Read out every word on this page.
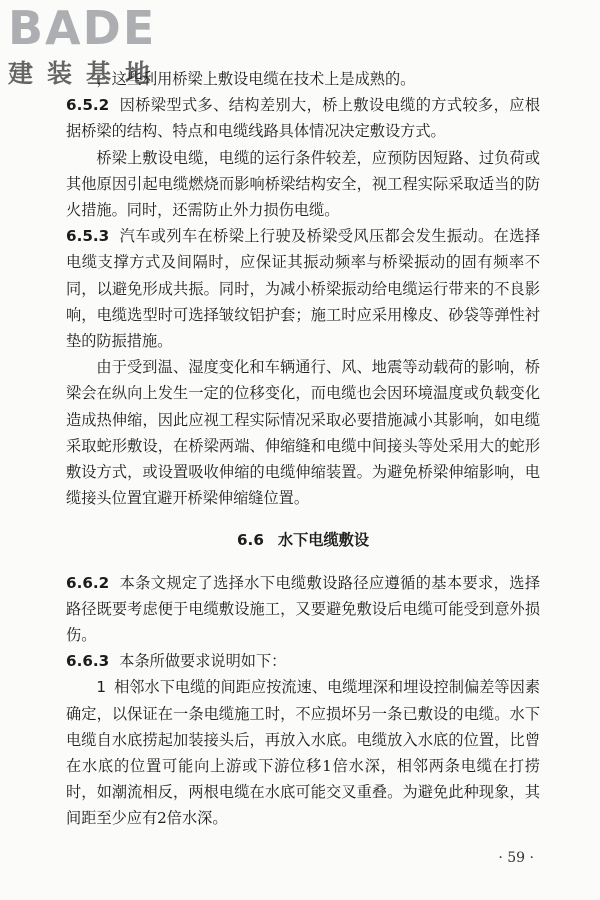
BADE
建装基地

，这些利用桥梁上敷设电缆在技术上是成熟的。

6.5.2 因桥梁型式多、结构差别大，桥上敷设电缆的方式较多，应根据桥梁的结构、特点和电缆线路具体情况决定敷设方式。

桥梁上敷设电缆，电缆的运行条件较差，应预防因短路、过负荷或其他原因引起电缆燃烧而影响桥梁结构安全，视工程实际采取适当的防火措施。同时，还需防止外力损伤电缆。

6.5.3 汽车或列车在桥梁上行驶及桥梁受风压都会发生振动。在选择电缆支撑方式及间隔时，应保证其振动频率与桥梁振动的固有频率不同，以避免形成共振。同时，为减小桥梁振动给电缆运行带来的不良影响，电缆选型时可选择皱纹铝护套；施工时应采用橡皮、砂袋等弹性衬垫的防振措施。

由于受到温、湿度变化和车辆通行、风、地震等动载荷的影响，桥梁会在纵向上发生一定的位移变化，而电缆也会因环境温度或负载变化造成热伸缩，因此应视工程实际情况采取必要措施减小其影响，如电缆采取蛇形敷设，在桥梁两端、伸缩缝和电缆中间接头等处采用大的蛇形敷设方式，或设置吸收伸缩的电缆伸缩装置。为避免桥梁伸缩影响，电缆接头位置宜避开桥梁伸缩缝位置。

6.6 水下电缆敷设

6.6.2 本条文规定了选择水下电缆敷设路径应遵循的基本要求，选择路径既要考虑便于电缆敷设施工，又要避免敷设后电缆可能受到意外损伤。

6.6.3 本条所做要求说明如下：

1 相邻水下电缆的间距应按流速、电缆埋深和埋设控制偏差等因素确定，以保证在一条电缆施工时，不应损坏另一条已敷设的电缆。水下电缆自水底捞起加装接头后，再放入水底。电缆放入水底的位置，比曾在水底的位置可能向上游或下游位移1倍水深，相邻两条电缆在打捞时，如潮流相反，两根电缆在水底可能交叉重叠。为避免此种现象，其间距至少应有2倍水深。

· 59 ·
